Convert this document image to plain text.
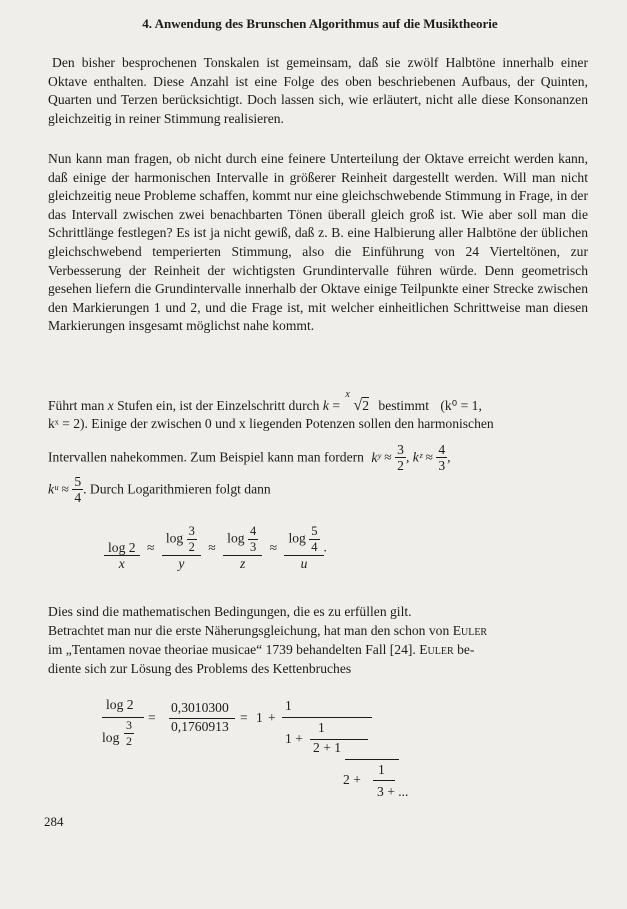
4. Anwendung des Brunschen Algorithmus auf die Musiktheorie

Den bisher besprochenen Tonskalen ist gemeinsam, daß sie zwölf Halbtöne innerhalb einer Oktave enthalten. Diese Anzahl ist eine Folge des oben beschriebenen Aufbaus, der Quinten, Quarten und Terzen berücksichtigt. Doch lassen sich, wie erläutert, nicht alle diese Konsonanzen gleichzeitig in reiner Stimmung realisieren.

Nun kann man fragen, ob nicht durch eine feinere Unterteilung der Oktave erreicht werden kann, daß einige der harmonischen Intervalle in größerer Reinheit dargestellt werden. Will man nicht gleichzeitig neue Probleme schaffen, kommt nur eine gleichschwebende Stimmung in Frage, in der das Intervall zwischen zwei benachbarten Tönen überall gleich groß ist. Wie aber soll man die Schrittlänge festlegen? Es ist ja nicht gewiß, daß z. B. eine Halbierung aller Halbtöne der üblichen gleichschwebend temperierten Stimmung, also die Einführung von 24 Vierteltönen, zur Verbesserung der Reinheit der wichtigsten Grundintervalle führen würde. Denn geometrisch gesehen liefern die Grundintervalle innerhalb der Oktave einige Teilpunkte einer Strecke zwischen den Markierungen 1 und 2, und die Frage ist, mit welcher einheitlichen Schrittweise man diesen Markierungen insgesamt möglichst nahe kommt.

Führt man x Stufen ein, ist der Einzelschritt durch k =
x
√2 bestimmt (k⁰ = 1,
kˣ = 2). Einige der zwischen 0 und x liegenden Potenzen sollen den harmonischen
Intervallen nahekommen. Zum Beispiel kann man fordern kʸ ≈ $\frac{3}{2}$ , kᶻ ≈ $\frac{4}{3}$ ,
kᵘ ≈ $\frac{5}{4}$ . Durch Logarithmieren folgt dann
$\frac{\log 2}{x} \approx \frac{\log \frac{3}{2}}{y} \approx \frac{\log \frac{4}{3}}{z} \approx \frac{\log \frac{5}{4}}{u}$ .
Dies sind die mathematischen Bedingungen, die es zu erfüllen gilt.
Betrachtet man nur die erste Näherungsgleichung, hat man den schon von Euler
im „Tentamen novae theoriae musicae“ 1739 behandelten Fall [24]. Euler be-
diente sich zur Lösung des Problems des Kettenbruches
log 2
3
log 2
=
0,3010300
0,1760913
= 1 +
1
1 +
1
2 + 1
1
2 +
3 + ...
284
